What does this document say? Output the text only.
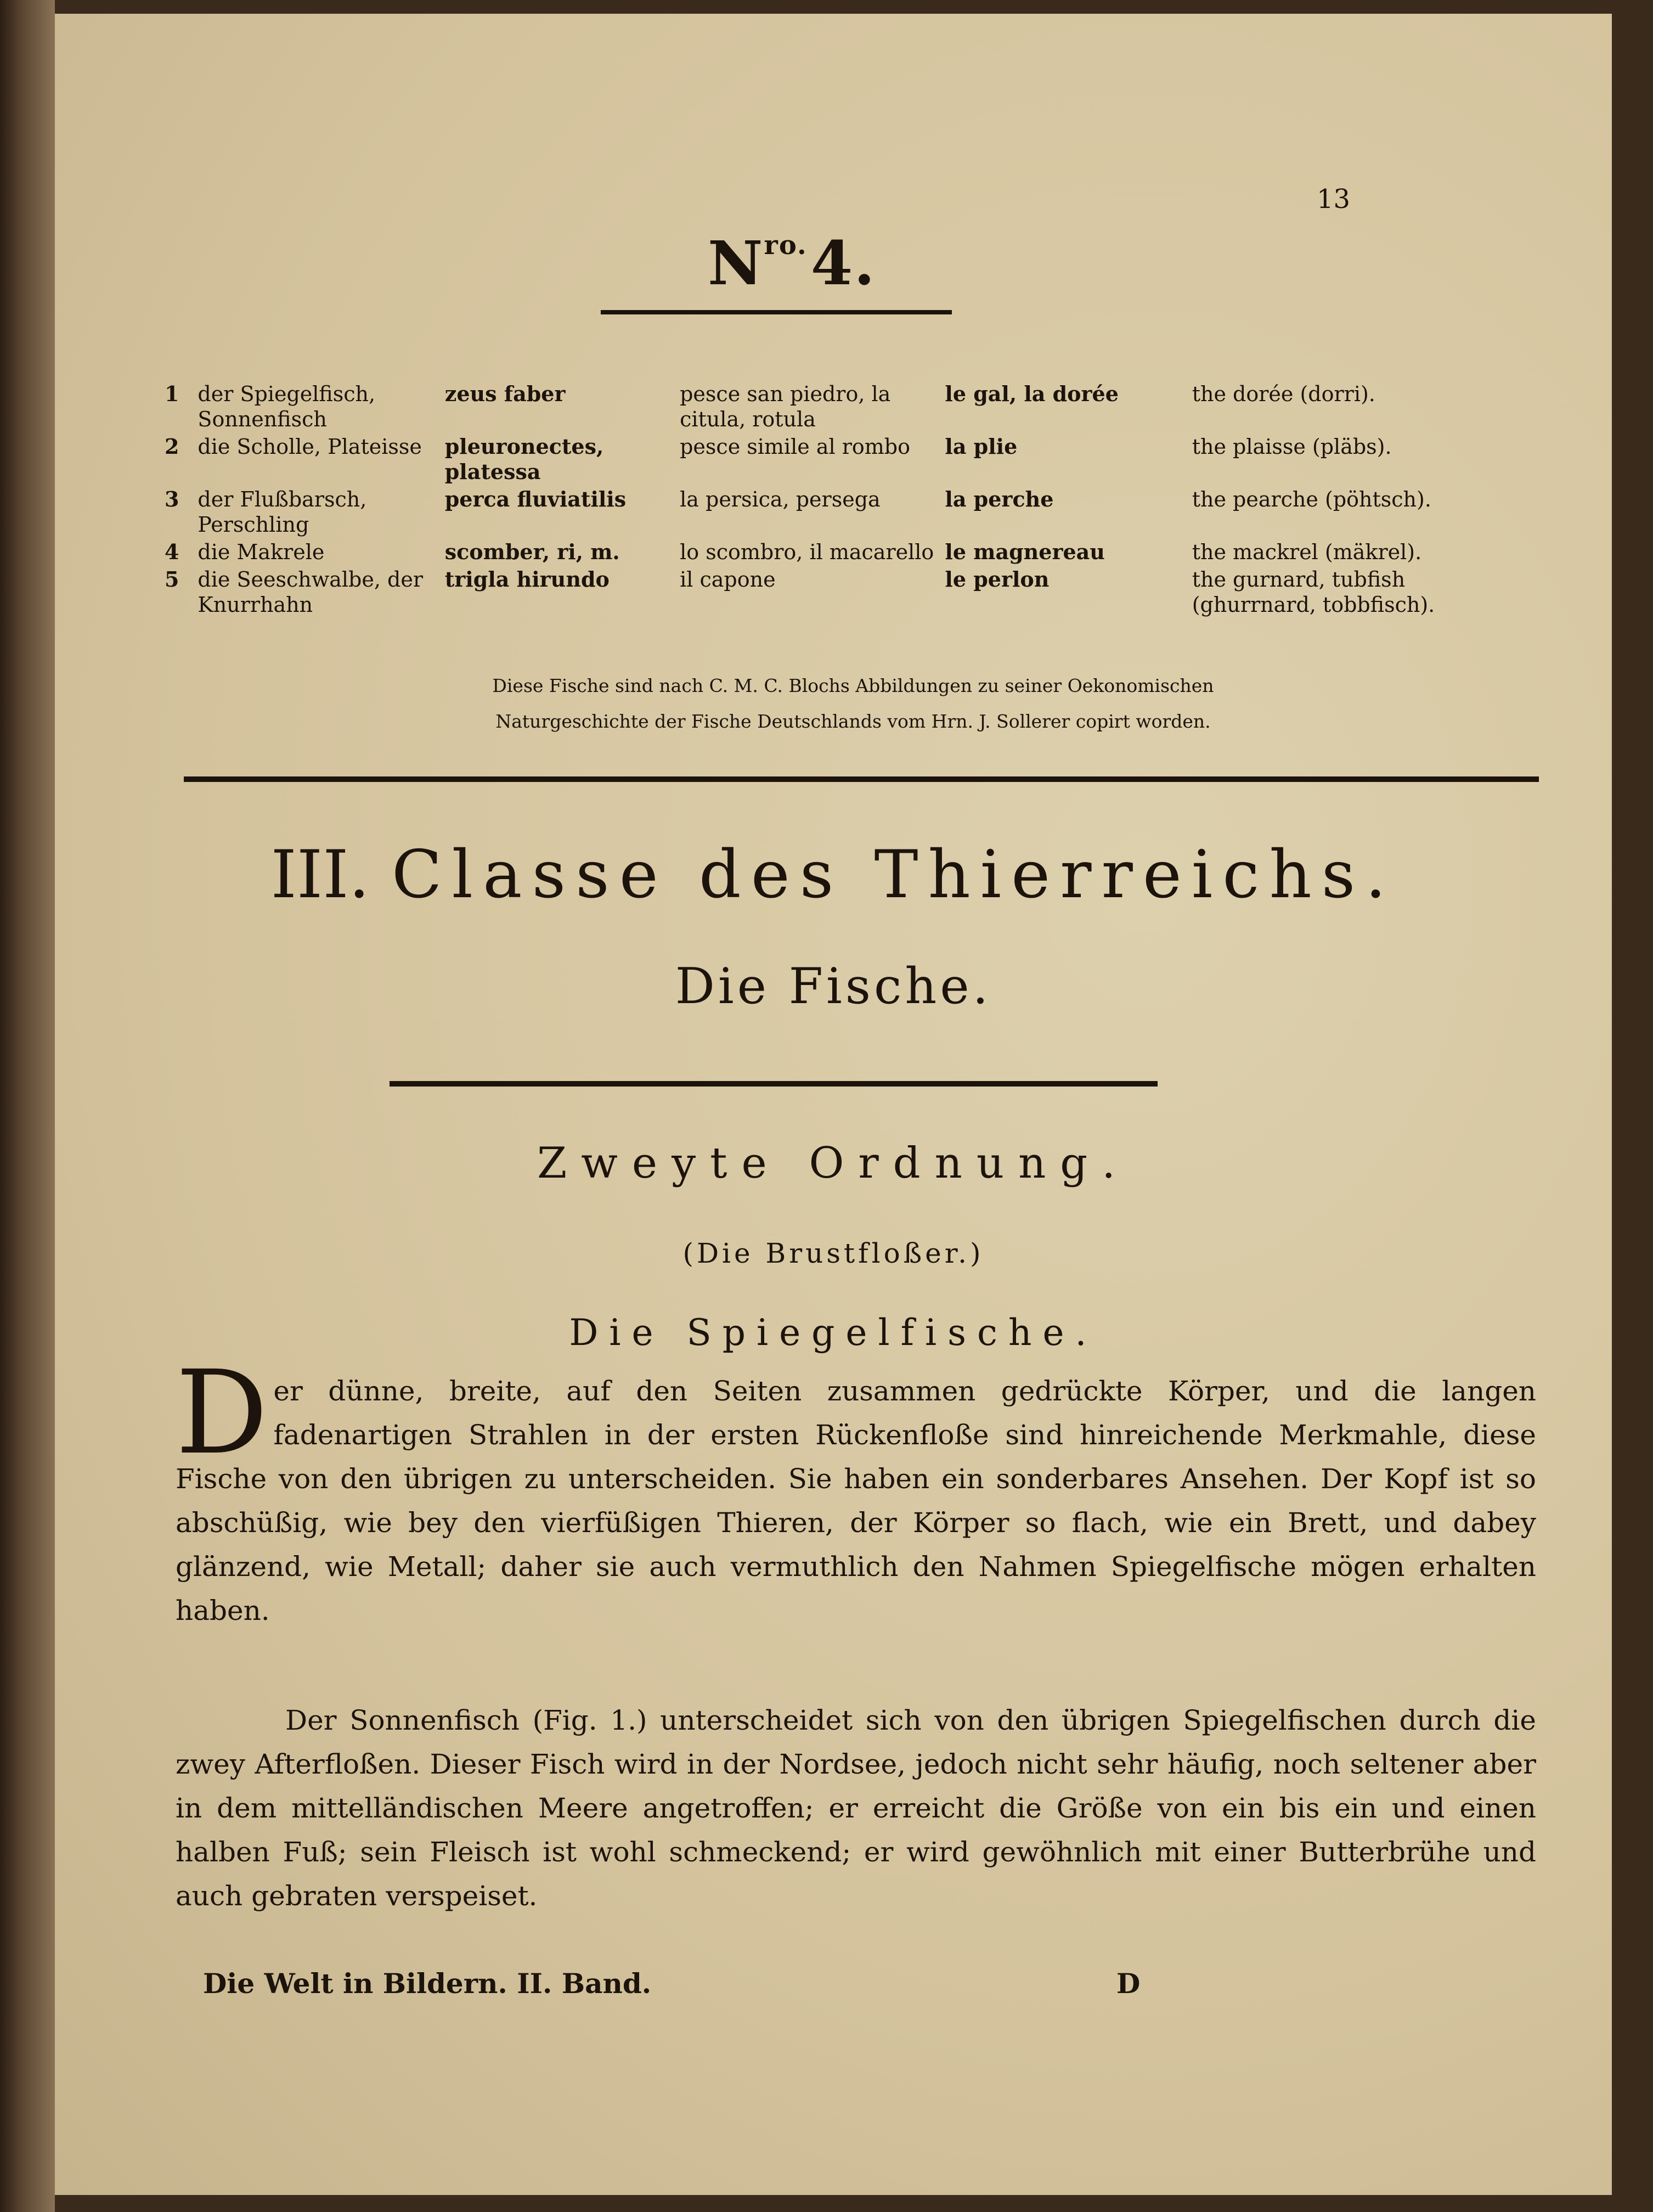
13
$N^{ro.}4$.
1	der Spiegelfisch, Sonnenfisch	zeus faber	pesce san piedro, la citula, rotula	le gal, la dorée	the dorée (dorri).
2	die Scholle, Plateisse	pleuronectes, platessa	pesce simile al rombo	la plie	the plaisse (pläbs).
3	der Flußbarsch, Perschling	perca fluviatilis	la persica, persega	la perche	the pearche (pöhtsch).
4	die Makrele	scomber, ri, m.	lo scombro, il macarello	le magnereau	the mackrel (mäkrel).
5	die Seeschwalbe, der Knurrhahn	trigla hirundo	il capone	le perlon	the gurnard, tubfish (ghurrnard, tobbfisch).
Diese Fische sind nach C. M. C. Blochs Abbildungen zu seiner Oekonomischen
Naturgeschichte der Fische Deutschlands vom Hrn. J. Sollerer copirt worden.
III. Classe des Thierreichs.
Die Fische.
Zweyte Ordnung.
(Die Brustfloßer.)
Die Spiegelfische.
Der dünne, breite, auf den Seiten zusammen gedrückte Körper, und die langen fadenartigen Strahlen in der ersten Rückenfloße sind hinreichende Merkmahle, diese Fische von den übrigen zu unterscheiden. Sie haben ein sonderbares Ansehen. Der Kopf ist so abschüßig, wie bey den vierfüßigen Thieren, der Körper so flach, wie ein Brett, und dabey glänzend, wie Metall; daher sie auch vermuthlich den Nahmen Spiegelfische mögen erhalten haben.
Der Sonnenfisch (Fig. 1.) unterscheidet sich von den übrigen Spiegelfischen durch die zwey Afterfloßen. Dieser Fisch wird in der Nordsee, jedoch nicht sehr häufig, noch seltener aber in dem mittelländischen Meere angetroffen; er erreicht die Größe von ein bis ein und einen halben Fuß; sein Fleisch ist wohl schmeckend; er wird gewöhnlich mit einer Butterbrühe und auch gebraten verspeiset.
Die Welt in Bildern. II. Band.	D
